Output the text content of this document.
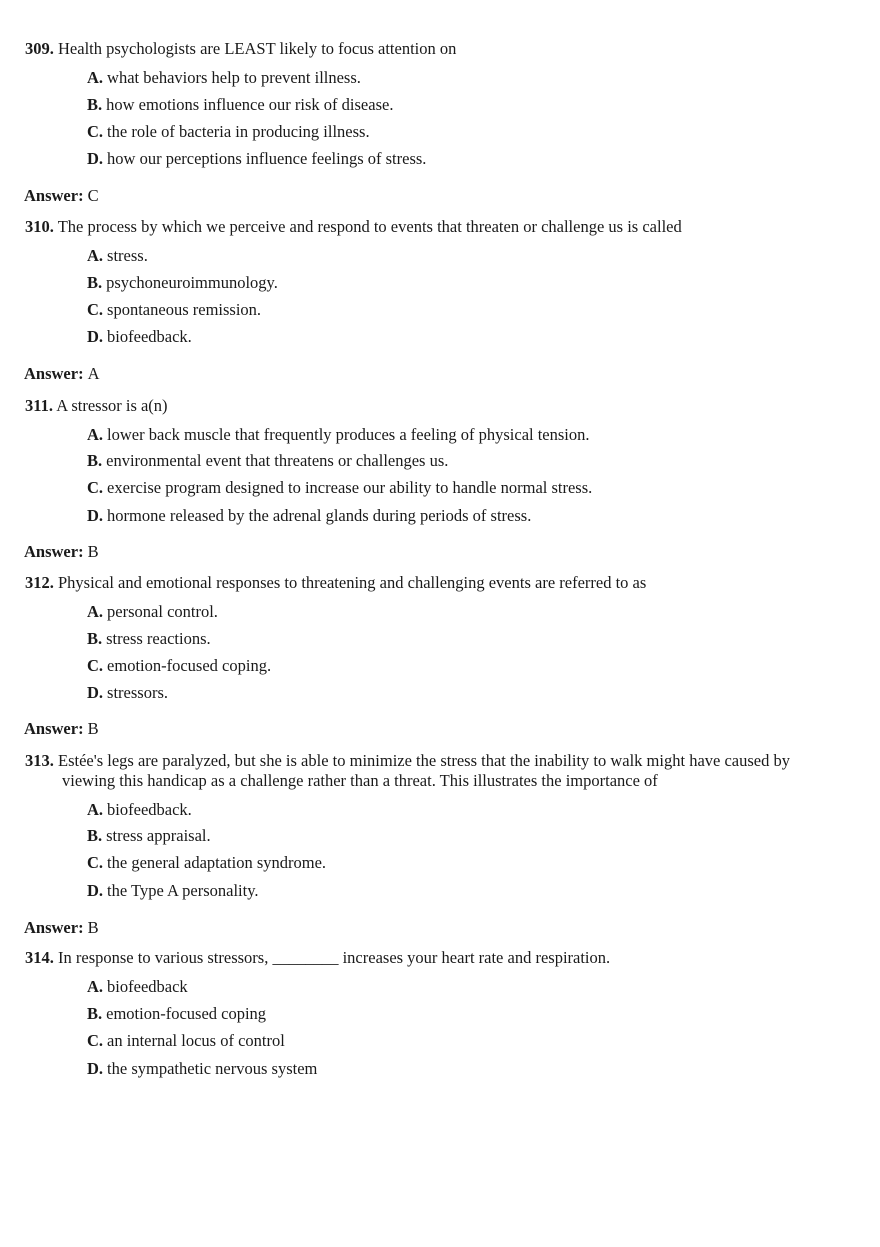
309. Health psychologists are LEAST likely to focus attention on
A. what behaviors help to prevent illness.
B. how emotions influence our risk of disease.
C. the role of bacteria in producing illness.
D. how our perceptions influence feelings of stress.
Answer: C
310. The process by which we perceive and respond to events that threaten or challenge us is called
A. stress.
B. psychoneuroimmunology.
C. spontaneous remission.
D. biofeedback.
Answer: A
311. A stressor is a(n)
A. lower back muscle that frequently produces a feeling of physical tension.
B. environmental event that threatens or challenges us.
C. exercise program designed to increase our ability to handle normal stress.
D. hormone released by the adrenal glands during periods of stress.
Answer: B
312. Physical and emotional responses to threatening and challenging events are referred to as
A. personal control.
B. stress reactions.
C. emotion-focused coping.
D. stressors.
Answer: B
313. Estée's legs are paralyzed, but she is able to minimize the stress that the inability to walk might have caused by
viewing this handicap as a challenge rather than a threat. This illustrates the importance of
A. biofeedback.
B. stress appraisal.
C. the general adaptation syndrome.
D. the Type A personality.
Answer: B
314. In response to various stressors, ________ increases your heart rate and respiration.
A. biofeedback
B. emotion-focused coping
C. an internal locus of control
D. the sympathetic nervous system
